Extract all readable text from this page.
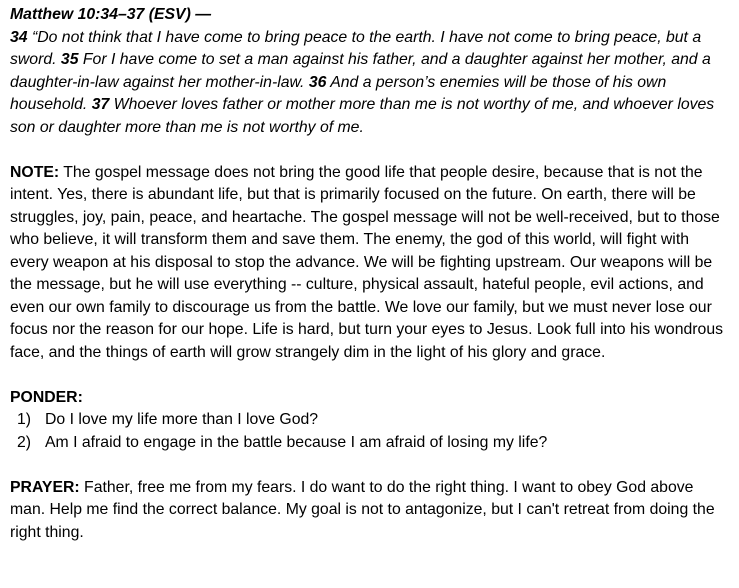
Matthew 10:34–37 (ESV) —

34 “Do not think that I have come to bring peace to the earth. I have not come to bring peace, but a sword. 35 For I have come to set a man against his father, and a daughter against her mother, and a daughter-in-law against her mother-in-law. 36 And a person’s enemies will be those of his own household. 37 Whoever loves father or mother more than me is not worthy of me, and whoever loves son or daughter more than me is not worthy of me.

NOTE: The gospel message does not bring the good life that people desire, because that is not the intent. Yes, there is abundant life, but that is primarily focused on the future. On earth, there will be struggles, joy, pain, peace, and heartache. The gospel message will not be well-received, but to those who believe, it will transform them and save them. The enemy, the god of this world, will fight with every weapon at his disposal to stop the advance. We will be fighting upstream. Our weapons will be the message, but he will use everything -- culture, physical assault, hateful people, evil actions, and even our own family to discourage us from the battle. We love our family, but we must never lose our focus nor the reason for our hope. Life is hard, but turn your eyes to Jesus. Look full into his wondrous face, and the things of earth will grow strangely dim in the light of his glory and grace.

PONDER:

1) Do I love my life more than I love God?
2) Am I afraid to engage in the battle because I am afraid of losing my life?

PRAYER: Father, free me from my fears. I do want to do the right thing. I want to obey God above man. Help me find the correct balance. My goal is not to antagonize, but I can't retreat from doing the right thing.
